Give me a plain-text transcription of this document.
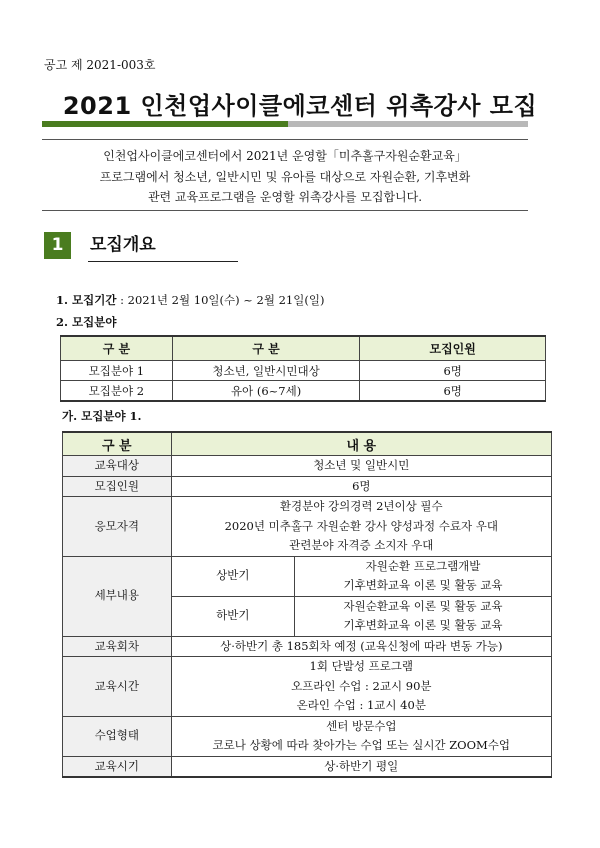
공고 제 2021-003호
2021 인천업사이클에코센터 위촉강사 모집
인천업사이클에코센터에서 2021년 운영할「미추홀구자원순환교육」
프로그램에서 청소년, 일반시민 및 유아를 대상으로 자원순환, 기후변화
관련 교육프로그램을 운영할 위촉강사를 모집합니다.
1	모집개요
1. 모집기간 : 2021년 2월 10일(수) ~ 2월 21일(일)
2. 모집분야
구 분	구 분	모집인원
모집분야 1	청소년, 일반시민대상	6명
모집분야 2	유아 (6~7세)	6명
가. 모집분야 1.
구 분	내 용	
교육대상	청소년 및 일반시민	
모집인원	6명	
응모자격	환경분야 강의경력 2년이상 필수
2020년 미추홀구 자원순환 강사 양성과정 수료자 우대
관련분야 자격증 소지자 우대	

세부내용	상반기	자원순환 프로그램개발
기후변화교육 이론 및 활동 교육

	하반기	자원순환교육 이론 및 활동 교육
기후변화교육 이론 및 활동 교육

교육회차	상·하반기 총 185회차 예정 (교육신청에 따라 변동 가능)	
교육시간	1회 단발성 프로그램
오프라인 수업 : 2교시 90분
온라인 수업 : 1교시 40분	

수업형태	센터 방문수업
코로나 상황에 따라 찾아가는 수업 또는 실시간 ZOOM수업	

교육시기	상·하반기 평일	
